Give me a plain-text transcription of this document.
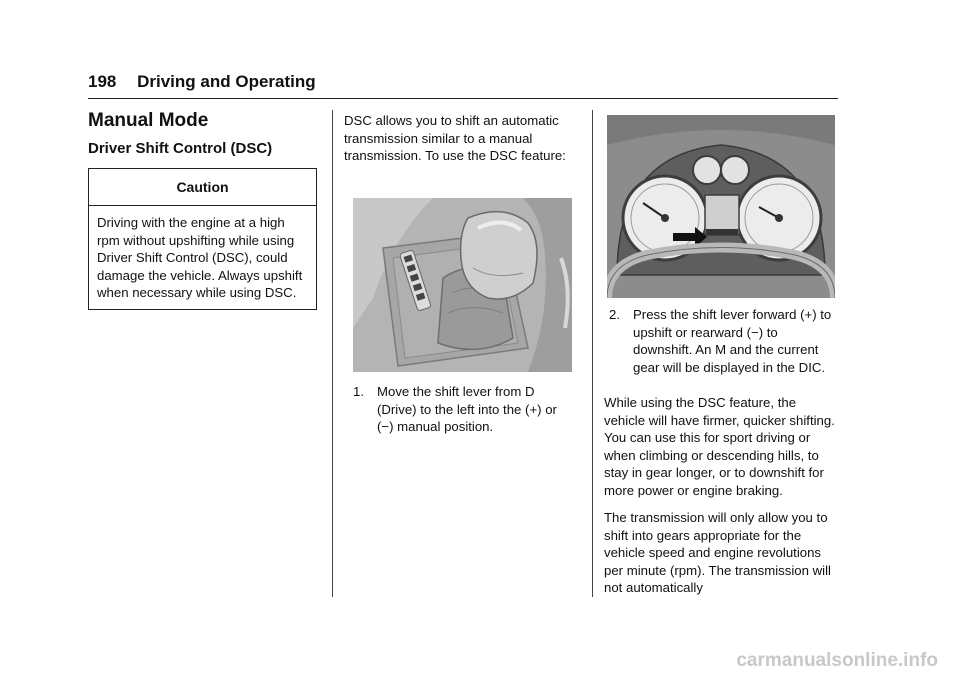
198 Driving and Operating
Manual Mode
Driver Shift Control (DSC)
Caution
Driving with the engine at a high rpm without upshifting while using Driver Shift Control (DSC), could damage the vehicle. Always upshift when necessary while using DSC.
DSC allows you to shift an automatic transmission similar to a manual transmission. To use the DSC feature:
1. Move the shift lever from D (Drive) to the left into the (+) or (−) manual position.
2. Press the shift lever forward (+) to upshift or rearward (−) to downshift. An M and the current gear will be displayed in the DIC.
While using the DSC feature, the vehicle will have firmer, quicker shifting. You can use this for sport driving or when climbing or descending hills, to stay in gear longer, or to downshift for more power or engine braking.
The transmission will only allow you to shift into gears appropriate for the vehicle speed and engine revolutions per minute (rpm). The transmission will not automatically
carmanualsonline.info
